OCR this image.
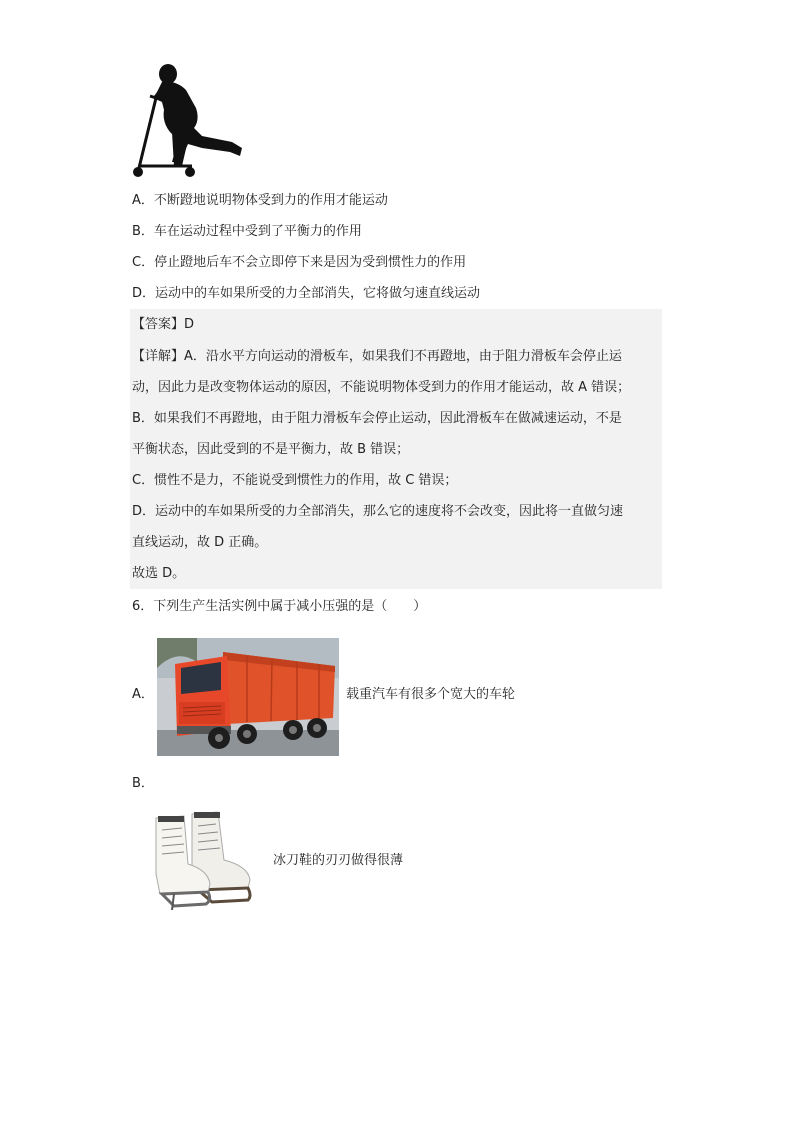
A．不断蹬地说明物体受到力的作用才能运动
B．车在运动过程中受到了平衡力的作用
C．停止蹬地后车不会立即停下来是因为受到惯性力的作用
D．运动中的车如果所受的力全部消失，它将做匀速直线运动
【答案】D
【详解】A．沿水平方向运动的滑板车，如果我们不再蹬地，由于阻力滑板车会停止运
动，因此力是改变物体运动的原因，不能说明物体受到力的作用才能运动，故 A 错误；
B．如果我们不再蹬地，由于阻力滑板车会停止运动，因此滑板车在做减速运动，不是
平衡状态，因此受到的不是平衡力，故 B 错误；
C．惯性不是力，不能说受到惯性力的作用，故 C 错误；
D．运动中的车如果所受的力全部消失，那么它的速度将不会改变，因此将一直做匀速
直线运动，故 D 正确。
故选 D。
6．下列生产生活实例中属于减小压强的是（　　）
A．	载重汽车有很多个宽大的车轮
B．
冰刀鞋的刃刃做得很薄
